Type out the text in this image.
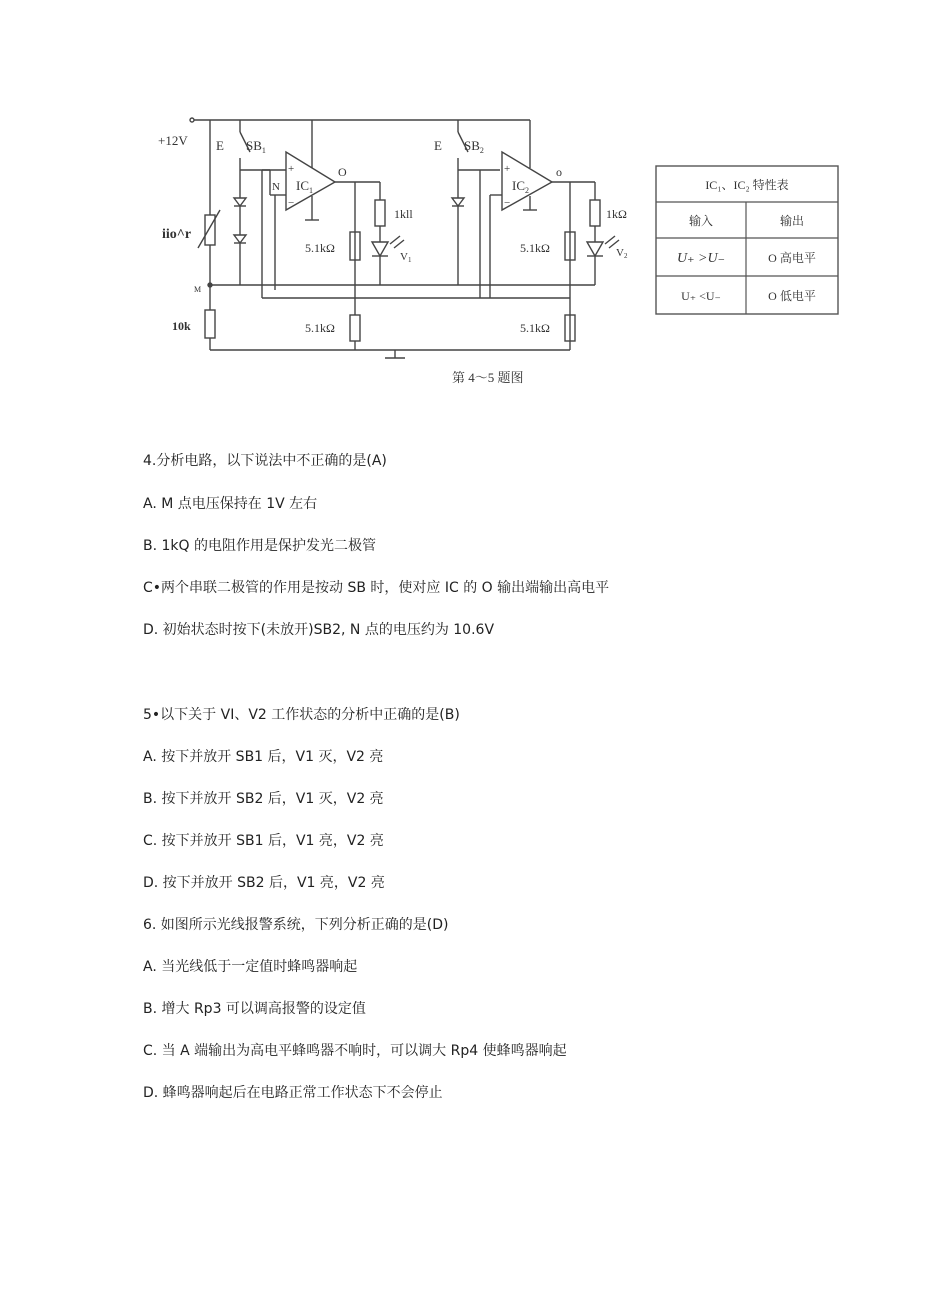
+12V E $SB_1$	E $SB_2$
$IC_1$	$IC_2$
+
−
+
−
O	o
N
M
iio^r
10k
1kll	1kΩ
5.1kΩ
5.1kΩ
5.1kΩ
5.1kΩ
V1
V2
第 4～5 题图
IC₁、IC₂ 特性表
输入	输出
U₊ >U₋	O 高电平
U₊ <U₋	O 低电平
4.分析电路，以下说法中不正确的是(A)
A. M 点电压保持在 1V 左右
B. 1kQ 的电阻作用是保护发光二极管
C•两个串联二极管的作用是按动 SB 时，使对应 IC 的 O 输出端输出高电平
D. 初始状态时按下(未放开)SB2, N 点的电压约为 10.6V
5•以下关于 VI、V2 工作状态的分析中正确的是(B)
A. 按下并放开 SB1 后，V1 灭，V2 亮
B. 按下并放开 SB2 后，V1 灭，V2 亮
C. 按下并放开 SB1 后，V1 亮，V2 亮
D. 按下并放开 SB2 后，V1 亮，V2 亮
6. 如图所示光线报警系统，下列分析正确的是(D)
A. 当光线低于一定值时蜂鸣器响起
B. 增大 Rp3 可以调高报警的设定值
C. 当 A 端输出为高电平蜂鸣器不响时，可以调大 Rp4 使蜂鸣器响起
D. 蜂鸣器响起后在电路正常工作状态下不会停止
